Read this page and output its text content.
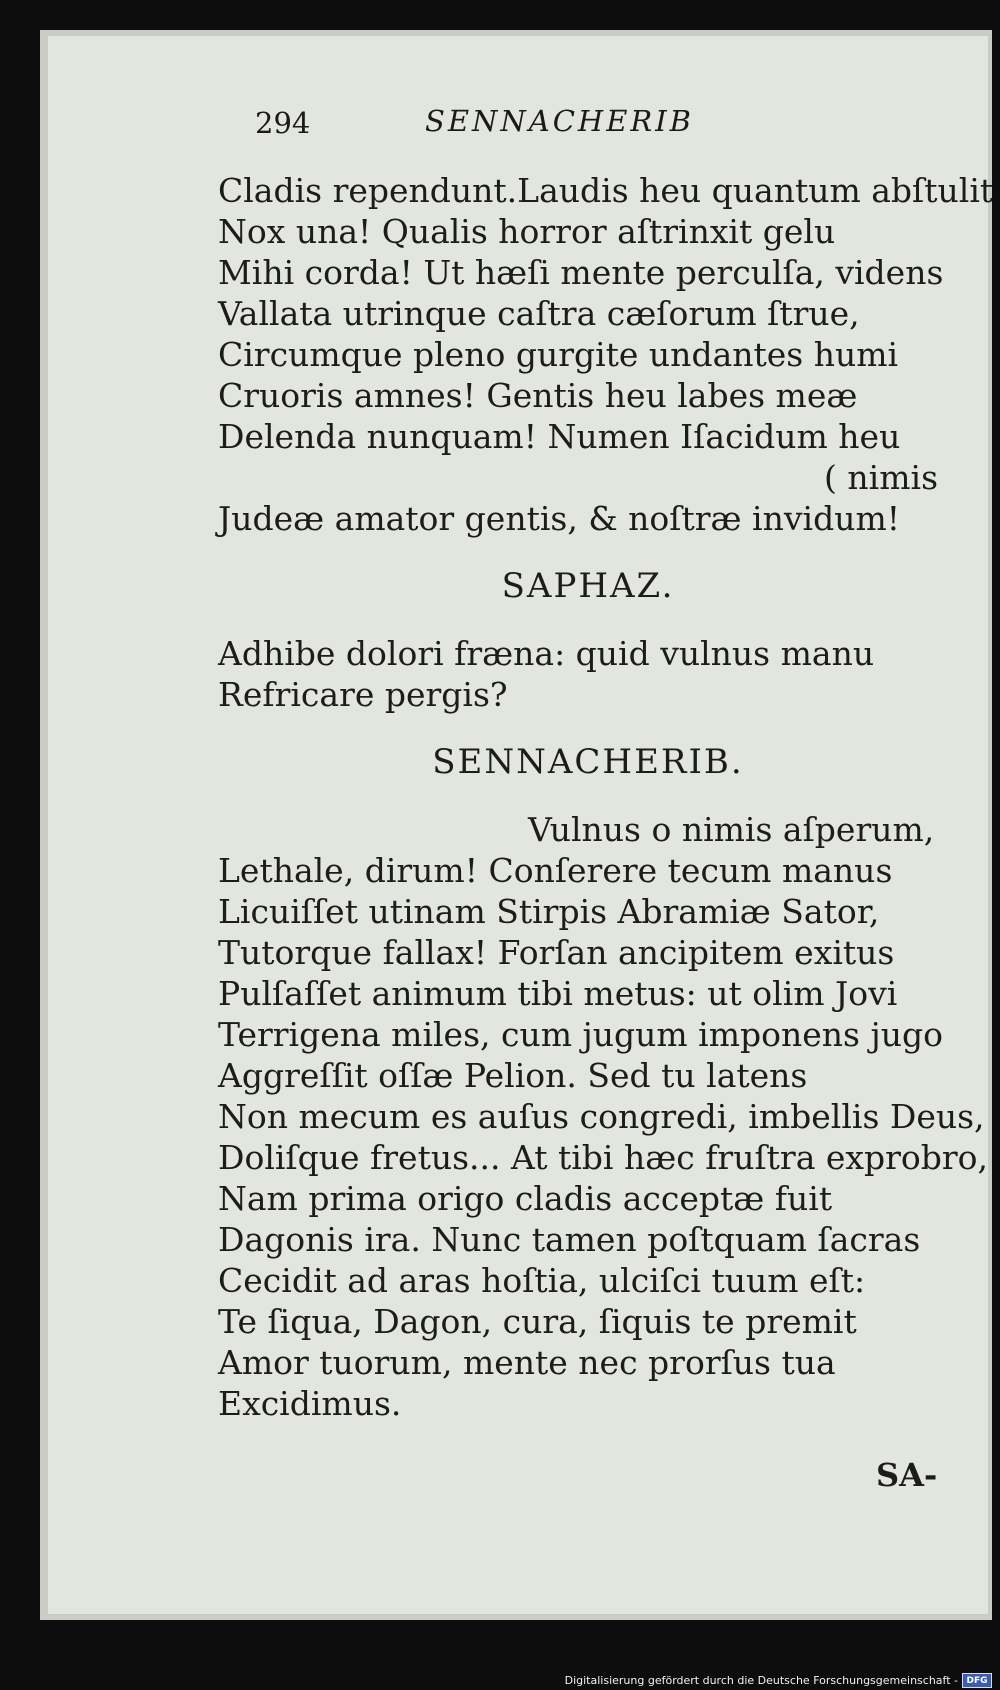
294	SENNACHERIB
Cladis rependunt.Laudis heu quantum abſtulit
Nox una! Qualis horror aſtrinxit gelu
Mihi corda! Ut hæſi mente perculſa, videns
Vallata utrinque caſtra cæſorum ſtrue,
Circumque pleno gurgite undantes humi
Cruoris amnes! Gentis heu labes meæ
Delenda nunquam! Numen Iſacidum heu
( nimis
Judeæ amator gentis, & noſtræ invidum!
SAPHAZ.
Adhibe dolori fræna: quid vulnus manu
Refricare pergis?
SENNACHERIB.
Vulnus o nimis aſperum,
Lethale, dirum! Conſerere tecum manus
Licuiſſet utinam Stirpis Abramiæ Sator,
Tutorque fallax! Forſan ancipitem exitus
Pulſaſſet animum tibi metus: ut olim Jovi
Terrigena miles, cum jugum imponens jugo
Aggreſſit oſſæ Pelion. Sed tu latens
Non mecum es auſus congredi, imbellis Deus,
Doliſque fretus... At tibi hæc fruſtra exprobro,
Nam prima origo cladis acceptæ fuit
Dagonis ira. Nunc tamen poſtquam ſacras
Cecidit ad aras hoſtia, ulciſci tuum eſt:
Te ſiqua, Dagon, cura, ſiquis te premit
Amor tuorum, mente nec prorſus tua
Excidimus.
SA-
Digitalisierung gefördert durch die Deutsche Forschungsgemeinschaft - DFG
